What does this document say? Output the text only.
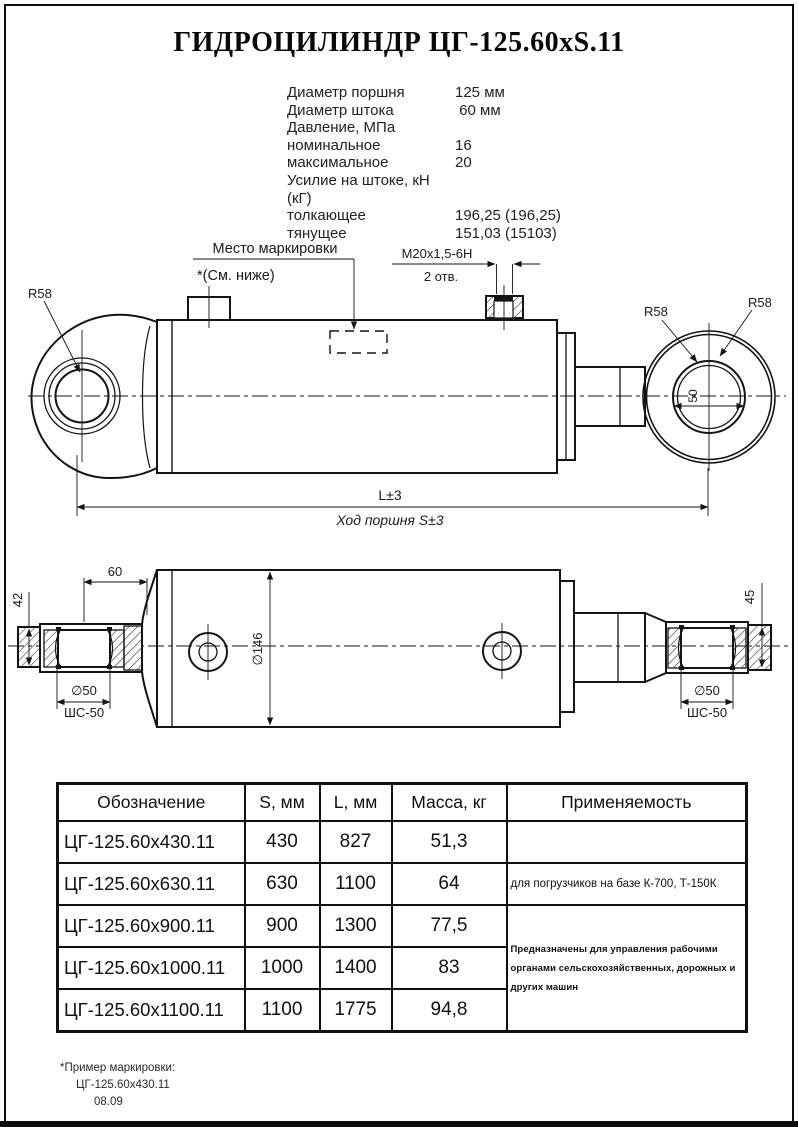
ГИДРОЦИЛИНДР ЦГ-125.60хS.11
Диаметр поршня	125 мм
Диаметр штока	60 мм
Давление, МПа
номинальное	16
максимальное	20
Усилие на штоке, кН (кГ)
толкающее	196,25 (196,25)
тянущее	151,03 (15103)
М20х1,5-6Н
2 отв.
Место маркировки
*(См. ниже)
50
R58
R58
R58
L±3
Ход поршня S±3
42
60
∅50
ШС-50
∅146
45
∅50
ШС-50
Обозначение	S, мм	L, мм	Масса, кг	Применяемость
ЦГ-125.60х430.11	430	827	51,3	
ЦГ-125.60х630.11	630	1100	64	для погрузчиков на базе К-700, Т-150К
ЦГ-125.60х900.11	900	1300	77,5	Предназначены для управления рабочими органами сельскохозяйственных, дорожных и других машин
ЦГ-125.60х1000.11	1000	1400	83	
ЦГ-125.60х1100.11	1100	1775	94,8	
*Пример маркировки:
ЦГ-125.60х430.11
08.09
